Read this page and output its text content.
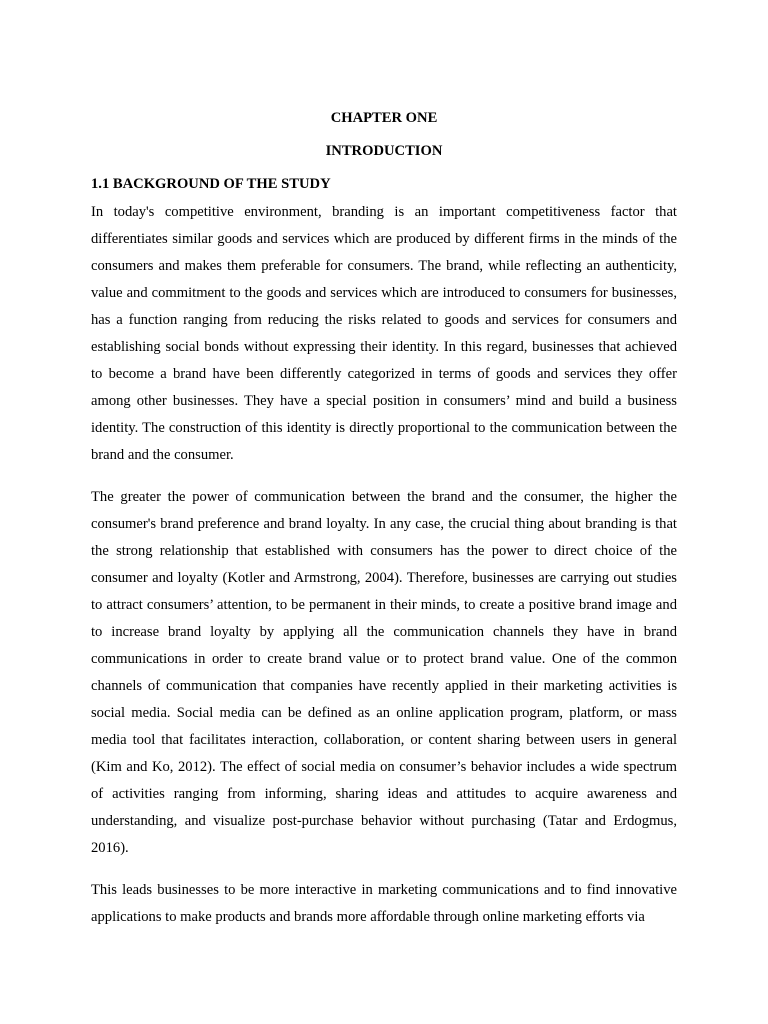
CHAPTER ONE

INTRODUCTION

1.1 BACKGROUND OF THE STUDY

In today's competitive environment, branding is an important competitiveness factor that differentiates similar goods and services which are produced by different firms in the minds of the consumers and makes them preferable for consumers. The brand, while reflecting an authenticity, value and commitment to the goods and services which are introduced to consumers for businesses, has a function ranging from reducing the risks related to goods and services for consumers and establishing social bonds without expressing their identity. In this regard, businesses that achieved to become a brand have been differently categorized in terms of goods and services they offer among other businesses. They have a special position in consumers’ mind and build a business identity. The construction of this identity is directly proportional to the communication between the brand and the consumer.

The greater the power of communication between the brand and the consumer, the higher the consumer's brand preference and brand loyalty. In any case, the crucial thing about branding is that the strong relationship that established with consumers has the power to direct choice of the consumer and loyalty (Kotler and Armstrong, 2004). Therefore, businesses are carrying out studies to attract consumers’ attention, to be permanent in their minds, to create a positive brand image and to increase brand loyalty by applying all the communication channels they have in brand communications in order to create brand value or to protect brand value. One of the common channels of communication that companies have recently applied in their marketing activities is social media. Social media can be defined as an online application program, platform, or mass media tool that facilitates interaction, collaboration, or content sharing between users in general (Kim and Ko, 2012). The effect of social media on consumer’s behavior includes a wide spectrum of activities ranging from informing, sharing ideas and attitudes to acquire awareness and understanding, and visualize post-purchase behavior without purchasing (Tatar and Erdogmus, 2016).

This leads businesses to be more interactive in marketing communications and to find innovative applications to make products and brands more affordable through online marketing efforts via
